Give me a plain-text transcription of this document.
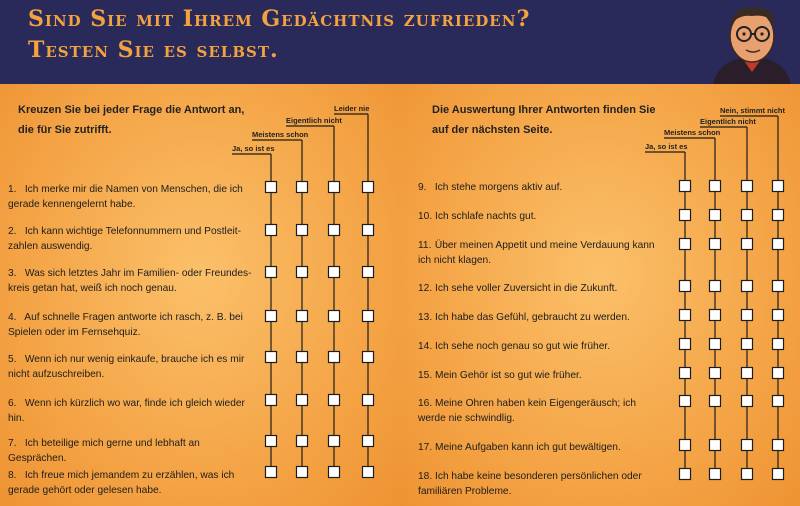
Sind Sie mit Ihrem Gedächtnis zufrieden?
Testen Sie es selbst.

Kreuzen Sie bei jeder Frage die Antwort an, die für Sie zutrifft.

Die Auswertung Ihrer Antworten finden Sie auf der nächsten Seite.

Ja, so ist es
Meistens schon
Eigentlich nicht
Leider nie
Ja, so ist es
Meistens schon
Eigentlich nicht
Nein, stimmt nicht

1. Ich merke mir die Namen von Menschen, die ich gerade kennengelernt habe.

2. Ich kann wichtige Telefonnummern und Postleit-zahlen auswendig.

3. Was sich letztes Jahr im Familien- oder Freundes-kreis getan hat, weiß ich noch genau.

4. Auf schnelle Fragen antworte ich rasch, z. B. bei Spielen oder im Fernsehquiz.

5. Wenn ich nur wenig einkaufe, brauche ich es mir nicht aufzuschreiben.

6. Wenn ich kürzlich wo war, finde ich gleich wieder hin.

7. Ich beteilige mich gerne und lebhaft an Gesprächen.

8. Ich freue mich jemandem zu erzählen, was ich gerade gehört oder gelesen habe.

9. Ich stehe morgens aktiv auf.

10. Ich schlafe nachts gut.

11. Über meinen Appetit und meine Verdauung kann ich nicht klagen.

12. Ich sehe voller Zuversicht in die Zukunft.

13. Ich habe das Gefühl, gebraucht zu werden.

14. Ich sehe noch genau so gut wie früher.

15. Mein Gehör ist so gut wie früher.

16. Meine Ohren haben kein Eigengeräusch; ich werde nie schwindlig.

17. Meine Aufgaben kann ich gut bewältigen.

18. Ich habe keine besonderen persönlichen oder familiären Probleme.
